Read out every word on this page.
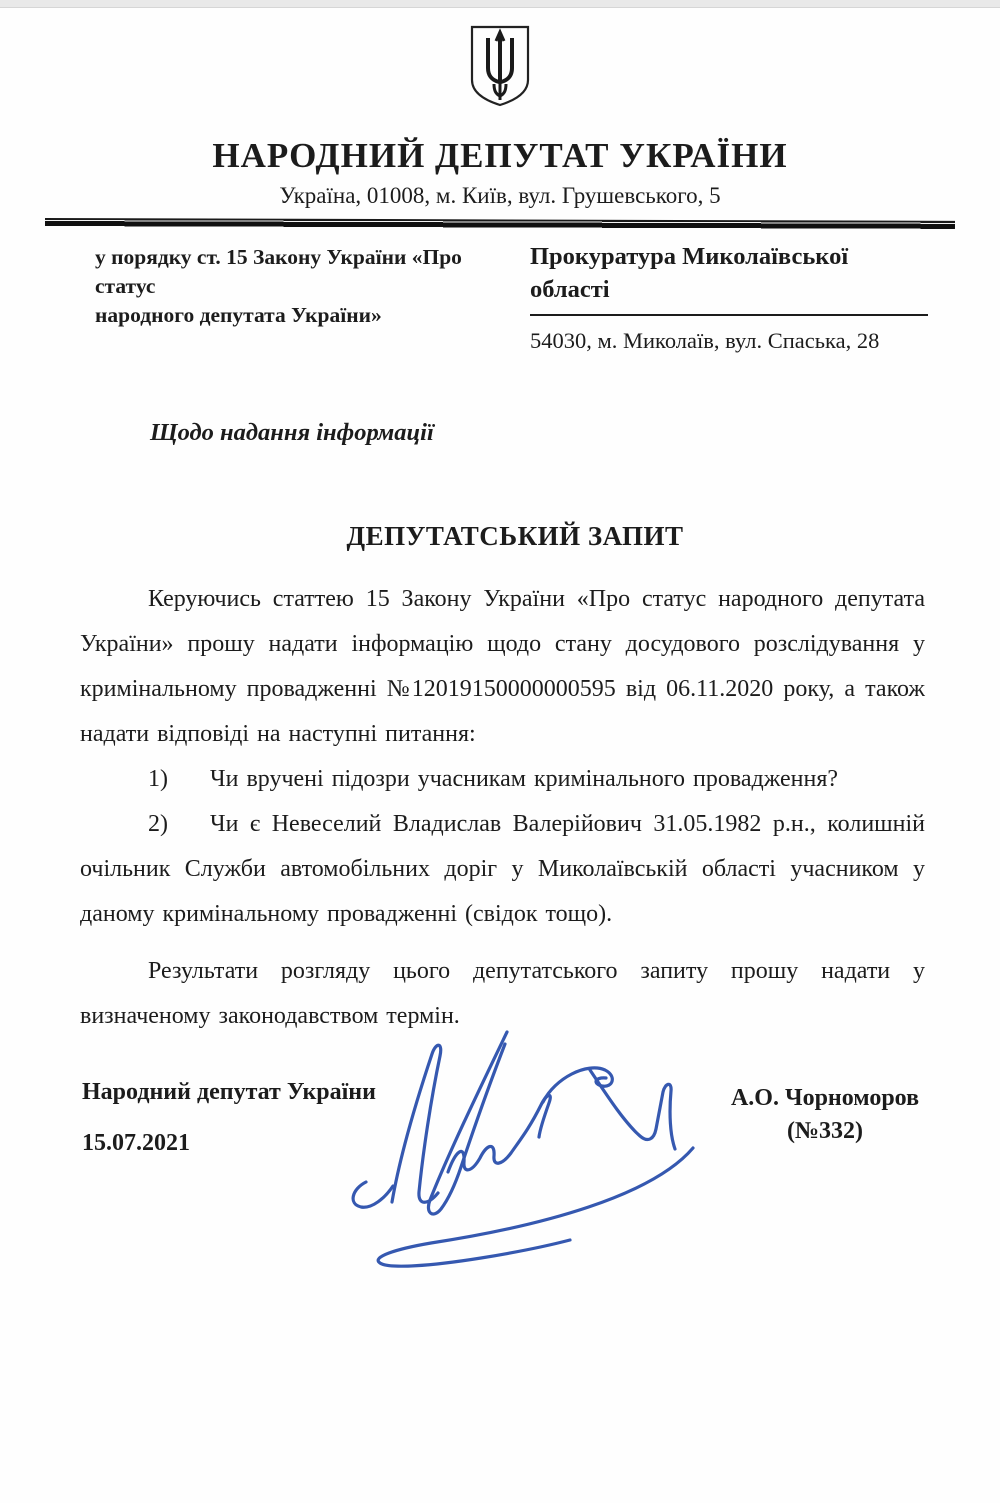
НАРОДНИЙ ДЕПУТАТ УКРАЇНИ
Україна, 01008, м. Київ, вул. Грушевського, 5
у порядку ст. 15 Закону України «Про статус
народного депутата України»
Прокуратура Миколаївської
області
54030, м. Миколаїв, вул. Спаська, 28
Щодо надання інформації
ДЕПУТАТСЬКИЙ ЗАПИТ

Керуючись статтею 15 Закону України «Про статус народного депутата України» прошу надати інформацію щодо стану досудового розслідування у кримінальному провадженні №12019150000000595 від 06.11.2020 року, а також надати відповіді на наступні питання:

1) Чи вручені підозри учасникам кримінального провадження?

2) Чи є Невеселий Владислав Валерійович 31.05.1982 р.н., колишній очільник Служби автомобільних доріг у Миколаївській області учасником у даному кримінальному провадженні (свідок тощо).

Результати розгляду цього депутатського запиту прошу надати у визначеному законодавством термін.

Народний депутат України
15.07.2021
А.О. Чорноморов
(№332)
